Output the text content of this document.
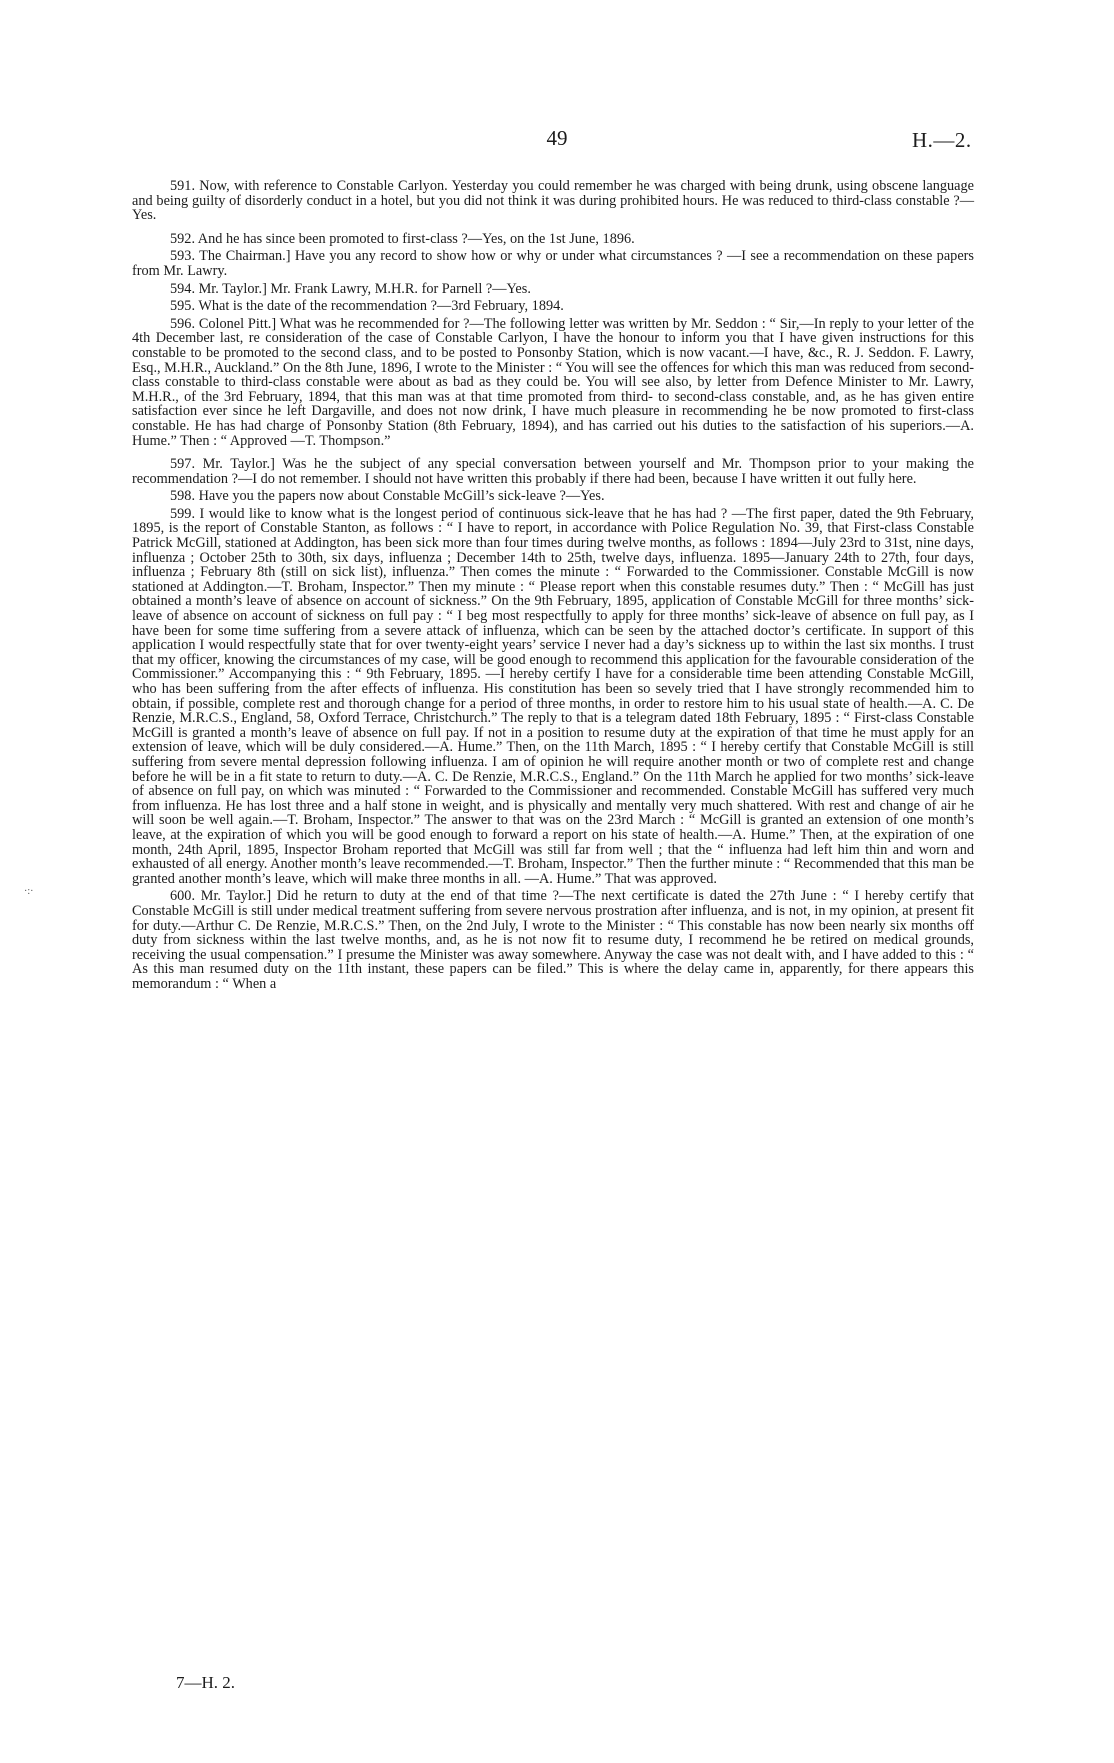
49	H.—2.
·:·

591. Now, with reference to Constable Carlyon. Yesterday you could remember he was charged with being drunk, using obscene language and being guilty of disorderly conduct in a hotel, but you did not think it was during prohibited hours. He was reduced to third-class constable ?—Yes.

592. And he has since been promoted to first-class ?—Yes, on the 1st June, 1896.

593. The Chairman.] Have you any record to show how or why or under what circumstances ? —I see a recommendation on these papers from Mr. Lawry.

594. Mr. Taylor.] Mr. Frank Lawry, M.H.R. for Parnell ?—Yes.

595. What is the date of the recommendation ?—3rd February, 1894.

596. Colonel Pitt.] What was he recommended for ?—The following letter was written by Mr. Seddon : “ Sir,—In reply to your letter of the 4th December last, re consideration of the case of Constable Carlyon, I have the honour to inform you that I have given instructions for this constable to be promoted to the second class, and to be posted to Ponsonby Station, which is now vacant.—I have, &c., R. J. Seddon. F. Lawry, Esq., M.H.R., Auckland.” On the 8th June, 1896, I wrote to the Minister : “ You will see the offences for which this man was reduced from second-class constable to third-class constable were about as bad as they could be. You will see also, by letter from Defence Minister to Mr. Lawry, M.H.R., of the 3rd February, 1894, that this man was at that time promoted from third- to second-class constable, and, as he has given entire satisfaction ever since he left Dargaville, and does not now drink, I have much pleasure in recommending he be now promoted to first-class constable. He has had charge of Ponsonby Station (8th February, 1894), and has carried out his duties to the satisfaction of his superiors.—A. Hume.” Then : “ Approved —T. Thompson.”

597. Mr. Taylor.] Was he the subject of any special conversation between yourself and Mr. Thompson prior to your making the recommendation ?—I do not remember. I should not have written this probably if there had been, because I have written it out fully here.

598. Have you the papers now about Constable McGill’s sick-leave ?—Yes.

599. I would like to know what is the longest period of continuous sick-leave that he has had ? —The first paper, dated the 9th February, 1895, is the report of Constable Stanton, as follows : “ I have to report, in accordance with Police Regulation No. 39, that First-class Constable Patrick McGill, stationed at Addington, has been sick more than four times during twelve months, as follows : 1894—July 23rd to 31st, nine days, influenza ; October 25th to 30th, six days, influenza ; December 14th to 25th, twelve days, influenza. 1895—January 24th to 27th, four days, influenza ; February 8th (still on sick list), influenza.” Then comes the minute : “ Forwarded to the Commissioner. Constable McGill is now stationed at Addington.—T. Broham, Inspector.” Then my minute : “ Please report when this constable resumes duty.” Then : “ McGill has just obtained a month’s leave of absence on account of sickness.” On the 9th February, 1895, application of Constable McGill for three months’ sick-leave of absence on account of sickness on full pay : “ I beg most respectfully to apply for three months’ sick-leave of absence on full pay, as I have been for some time suffering from a severe attack of influenza, which can be seen by the attached doctor’s certificate. In support of this application I would respectfully state that for over twenty-eight years’ service I never had a day’s sickness up to within the last six months. I trust that my officer, knowing the circumstances of my case, will be good enough to recommend this application for the favourable consideration of the Commissioner.” Accompanying this : “ 9th February, 1895. —I hereby certify I have for a considerable time been attending Constable McGill, who has been suffering from the after effects of influenza. His constitution has been so sevely tried that I have strongly recommended him to obtain, if possible, complete rest and thorough change for a period of three months, in order to restore him to his usual state of health.—A. C. De Renzie, M.R.C.S., England, 58, Oxford Terrace, Christchurch.” The reply to that is a telegram dated 18th February, 1895 : “ First-class Constable McGill is granted a month’s leave of absence on full pay. If not in a position to resume duty at the expiration of that time he must apply for an extension of leave, which will be duly considered.—A. Hume.” Then, on the 11th March, 1895 : “ I hereby certify that Constable McGill is still suffering from severe mental depression following influenza. I am of opinion he will require another month or two of complete rest and change before he will be in a fit state to return to duty.—A. C. De Renzie, M.R.C.S., England.” On the 11th March he applied for two months’ sick-leave of absence on full pay, on which was minuted : “ Forwarded to the Commissioner and recommended. Constable McGill has suffered very much from influenza. He has lost three and a half stone in weight, and is physically and mentally very much shattered. With rest and change of air he will soon be well again.—T. Broham, Inspector.” The answer to that was on the 23rd March : “ McGill is granted an extension of one month’s leave, at the expiration of which you will be good enough to forward a report on his state of health.—A. Hume.” Then, at the expiration of one month, 24th April, 1895, Inspector Broham reported that McGill was still far from well ; that the “ influenza had left him thin and worn and exhausted of all energy. Another month’s leave recommended.—T. Broham, Inspector.” Then the further minute : “ Recommended that this man be granted another month’s leave, which will make three months in all. —A. Hume.” That was approved.

600. Mr. Taylor.] Did he return to duty at the end of that time ?—The next certificate is dated the 27th June : “ I hereby certify that Constable McGill is still under medical treatment suffering from severe nervous prostration after influenza, and is not, in my opinion, at present fit for duty.—Arthur C. De Renzie, M.R.C.S.” Then, on the 2nd July, I wrote to the Minister : “ This constable has now been nearly six months off duty from sickness within the last twelve months, and, as he is not now fit to resume duty, I recommend he be retired on medical grounds, receiving the usual compensation.” I presume the Minister was away somewhere. Anyway the case was not dealt with, and I have added to this : “ As this man resumed duty on the 11th instant, these papers can be filed.” This is where the delay came in, apparently, for there appears this memorandum : “ When a

7—H. 2.
